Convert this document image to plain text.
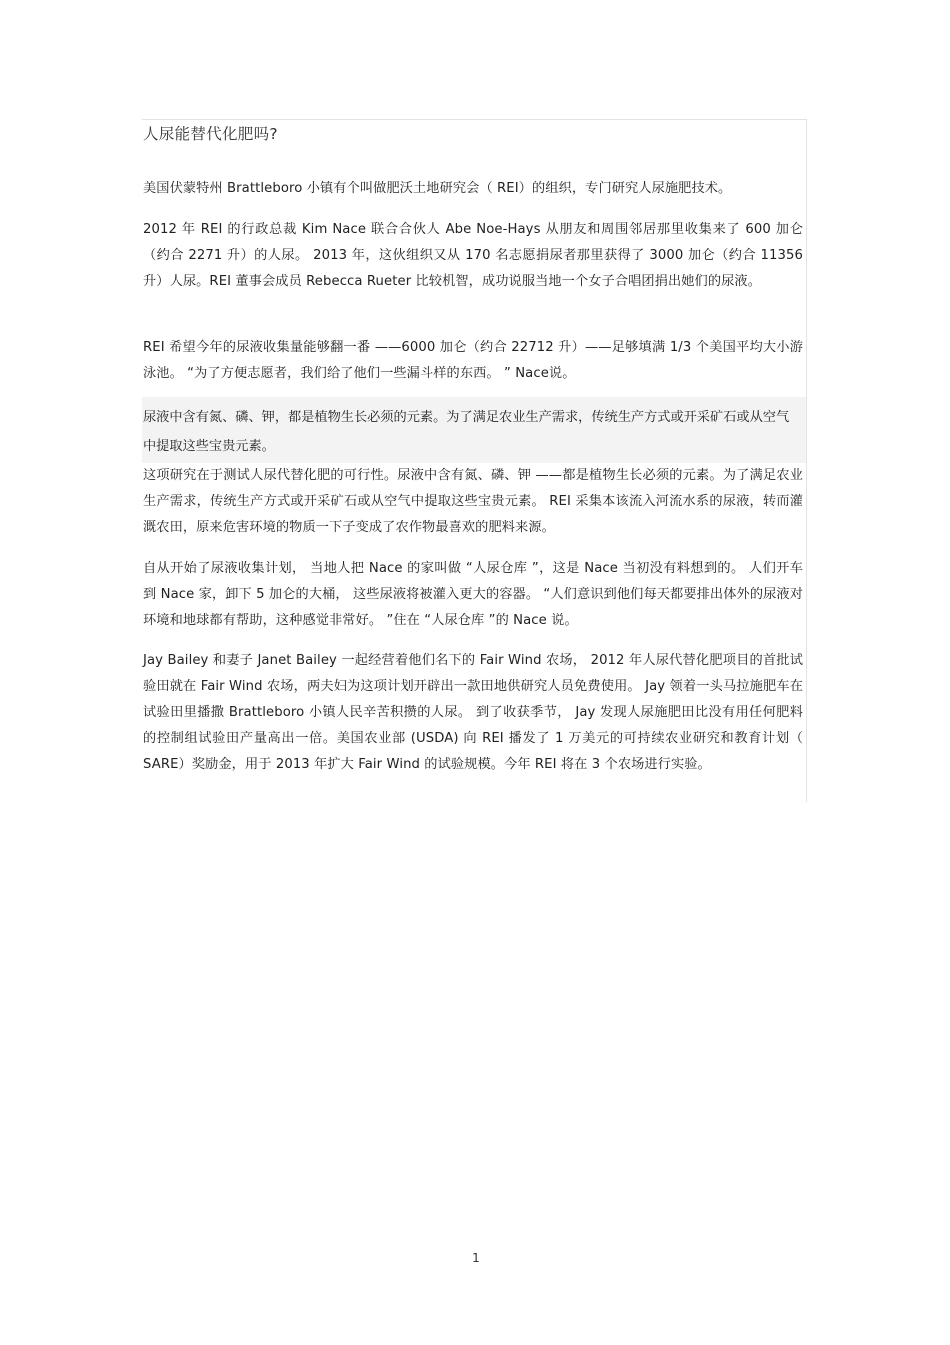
人尿能替代化肥吗?

美国伏蒙特州 Brattleboro 小镇有个叫做肥沃土地研究会（ REI）的组织，专门研究人尿施肥技术。

2012 年 REI 的行政总裁 Kim Nace 联合合伙人 Abe Noe-Hays 从朋友和周围邻居那里收集来了 600 加仑（约合 2271 升）的人尿。 2013 年，这伙组织又从 170 名志愿捐尿者那里获得了 3000 加仑（约合 11356 升）人尿。REI 董事会成员 Rebecca Rueter 比较机智，成功说服当地一个女子合唱团捐出她们的尿液。

REI 希望今年的尿液收集量能够翻一番 ——6000 加仑（约合 22712 升）——足够填满 1/3 个美国平均大小游泳池。 “为了方便志愿者，我们给了他们一些漏斗样的东西。 ” Nace说。

尿液中含有氮、磷、钾，都是植物生长必须的元素。为了满足农业生产需求，传统生产方式或开采矿石或从空气中提取这些宝贵元素。

这项研究在于测试人尿代替化肥的可行性。尿液中含有氮、磷、钾 ——都是植物生长必须的元素。为了满足农业生产需求，传统生产方式或开采矿石或从空气中提取这些宝贵元素。 REI 采集本该流入河流水系的尿液，转而灌溉农田，原来危害环境的物质一下子变成了农作物最喜欢的肥料来源。

自从开始了尿液收集计划， 当地人把 Nace 的家叫做 “人尿仓库 ”，这是 Nace 当初没有料想到的。 人们开车到 Nace 家，卸下 5 加仑的大桶， 这些尿液将被灌入更大的容器。 “人们意识到他们每天都要排出体外的尿液对环境和地球都有帮助，这种感觉非常好。 ”住在 “人尿仓库 ”的 Nace 说。

Jay Bailey 和妻子 Janet Bailey 一起经营着他们名下的 Fair Wind 农场， 2012 年人尿代替化肥项目的首批试验田就在 Fair Wind 农场，两夫妇为这项计划开辟出一款田地供研究人员免费使用。 Jay 领着一头马拉施肥车在试验田里播撒 Brattleboro 小镇人民辛苦积攒的人尿。 到了收获季节， Jay 发现人尿施肥田比没有用任何肥料的控制组试验田产量高出一倍。美国农业部 (USDA) 向 REI 播发了 1 万美元的可持续农业研究和教育计划（ SARE）奖励金，用于 2013 年扩大 Fair Wind 的试验规模。今年 REI 将在 3 个农场进行实验。

1
